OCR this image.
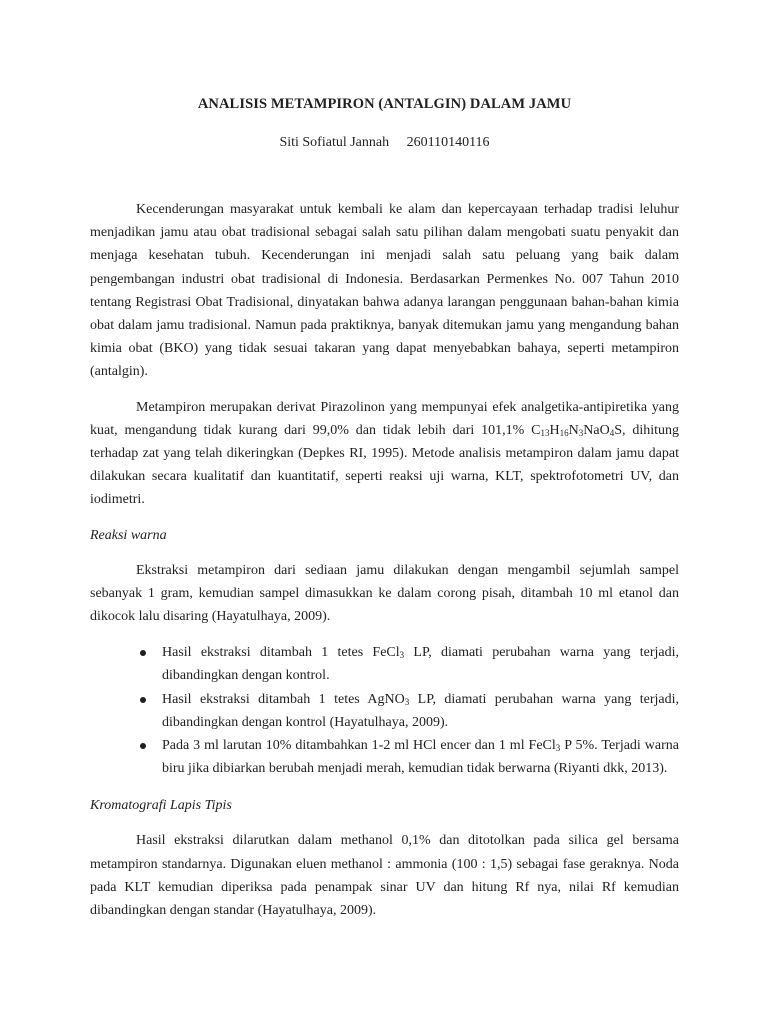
ANALISIS METAMPIRON (ANTALGIN) DALAM JAMU

Siti Sofiatul Jannah     260110140116

Kecenderungan masyarakat untuk kembali ke alam dan kepercayaan terhadap tradisi leluhur menjadikan jamu atau obat tradisional sebagai salah satu pilihan dalam mengobati suatu penyakit dan menjaga kesehatan tubuh. Kecenderungan ini menjadi salah satu peluang yang baik dalam pengembangan industri obat tradisional di Indonesia. Berdasarkan Permenkes No. 007 Tahun 2010 tentang Registrasi Obat Tradisional, dinyatakan bahwa adanya larangan penggunaan bahan-bahan kimia obat dalam jamu tradisional. Namun pada praktiknya, banyak ditemukan jamu yang mengandung bahan kimia obat (BKO) yang tidak sesuai takaran yang dapat menyebabkan bahaya, seperti metampiron (antalgin).

Metampiron merupakan derivat Pirazolinon yang mempunyai efek analgetika-antipiretika yang kuat, mengandung tidak kurang dari 99,0% dan tidak lebih dari 101,1% $C_{13}H_{16}N_3NaO_4S$, dihitung terhadap zat yang telah dikeringkan (Depkes RI, 1995). Metode analisis metampiron dalam jamu dapat dilakukan secara kualitatif dan kuantitatif, seperti reaksi uji warna, KLT, spektrofotometri UV, dan iodimetri.

Reaksi warna

Ekstraksi metampiron dari sediaan jamu dilakukan dengan mengambil sejumlah sampel sebanyak 1 gram, kemudian sampel dimasukkan ke dalam corong pisah, ditambah 10 ml etanol dan dikocok lalu disaring (Hayatulhaya, 2009).

Hasil ekstraksi ditambah 1 tetes FeCl$_3$ LP, diamati perubahan warna yang terjadi, dibandingkan dengan kontrol.
Hasil ekstraksi ditambah 1 tetes AgNO$_3$ LP, diamati perubahan warna yang terjadi, dibandingkan dengan kontrol (Hayatulhaya, 2009).
Pada 3 ml larutan 10% ditambahkan 1-2 ml HCl encer dan 1 ml FeCl$_3$ P 5%. Terjadi warna biru jika dibiarkan berubah menjadi merah, kemudian tidak berwarna (Riyanti dkk, 2013).

Kromatografi Lapis Tipis

Hasil ekstraksi dilarutkan dalam methanol 0,1% dan ditotolkan pada silica gel bersama metampiron standarnya. Digunakan eluen methanol : ammonia (100 : 1,5) sebagai fase geraknya. Noda pada KLT kemudian diperiksa pada penampak sinar UV dan hitung Rf nya, nilai Rf kemudian dibandingkan dengan standar (Hayatulhaya, 2009).
